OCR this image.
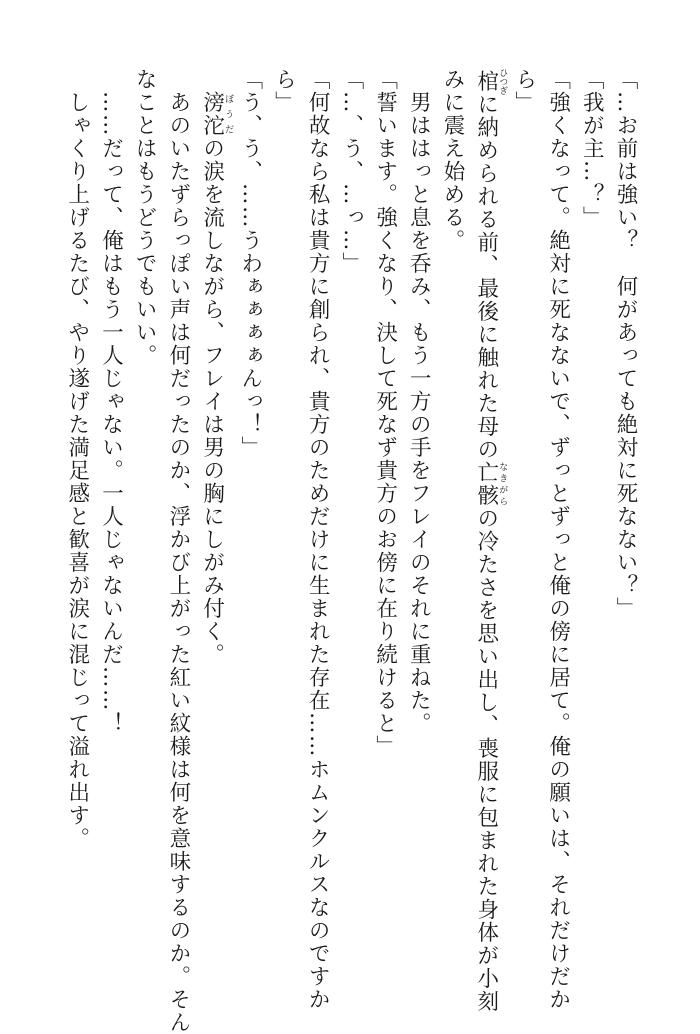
「…お前は強い？　何があっても絶対に死なない？」

「我が主…？」

「強くなって。絶対に死なないで、ずっとずっと俺の傍に居て。俺の願いは、それだけだか

ら」

棺ひつぎに納められる前、最後に触れた母の亡骸なきがらの冷たさを思い出し、喪服に包まれた身体が小刻

みに震え始める。

　男ははっと息を呑み、もう一方の手をフレイのそれに重ねた。

「誓います。強くなり、決して死なず貴方のお傍に在り続けると」

「…、う、…っ…」

「何故なら私は貴方に創られ、貴方のためだけに生まれた存在……ホムンクルスなのですか

ら」

「う、う、……うわぁぁぁぁんっ！」

　滂沱ぼうだの涙を流しながら、フレイは男の胸にしがみ付く。

　あのいたずらっぽい声は何だったのか、浮かび上がった紅い紋様は何を意味するのか。そん

なことはもうどうでもいい。

　……だって、俺はもう一人じゃない。一人じゃないんだ……！

　しゃくり上げるたび、やり遂げた満足感と歓喜が涙に混じって溢れ出す。
